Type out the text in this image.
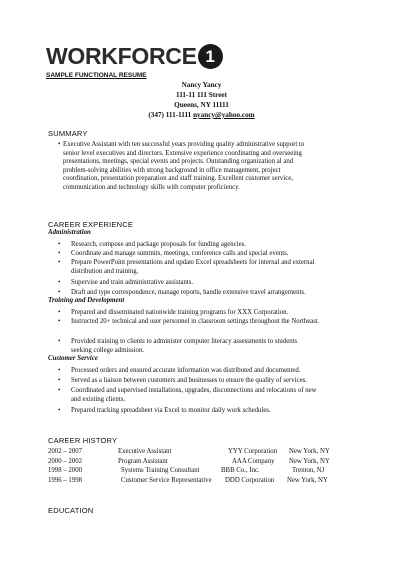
WORKFORCE 1
SAMPLE FUNCTIONAL RESUME
Nancy Yancy
111-11 111 Street
Queens, NY 11111
(347) 111-1111 nyancy@yahoo.com
SUMMARY
• Executive Assistant with ten successful years providing quality administrative support to
senior level executives and directors. Extensive experience coordinating and overseeing
presentations, meetings, special events and projects. Outstanding organization al and
problem-solving abilities with strong background in office management, project
coordination, presentation preparation and staff training. Excellent customer service,
communication and technology skills with computer proficiency.
CAREER EXPERIENCE
Administration
• Research, compose and package proposals for funding agencies.
• Coordinate and manage summits, meetings, conference calls and special events.
• Prepare PowerPoint presentations and update Excel spreadsheets for internal and external
distribution and training.
• Supervise and train administrative assistants.
• Draft and type correspondence, manage reports, handle extensive travel arrangements.
Training and Development
• Prepared and disseminated nationwide training programs for XXX Corporation.
• Instructed 20+ technical and user personnel in classroom settings throughout the Northeast.
• Provided training to clients to administer computer literacy assessments to students
seeking college admission.
Customer Service
• Processed orders and ensured accurate information was distributed and documented.
• Served as a liaison between customers and businesses to ensure the quality of services.
• Coordinated and supervised installations, upgrades, disconnections and relocations of new
and existing clients.
• Prepared tracking spreadsheet via Excel to monitor daily work schedules.
CAREER HISTORY
2002 – 2007	Executive Assistant	YYY Corporation New York, NY
2000 – 2002	Program Assistant	AAA Company New York, NY
1998 – 2000	Systems Training Consultant	BBB Co., Inc.	Trenton, NJ
1996 – 1998	Customer Service Representative DDD Corporation New York, NY
EDUCATION
